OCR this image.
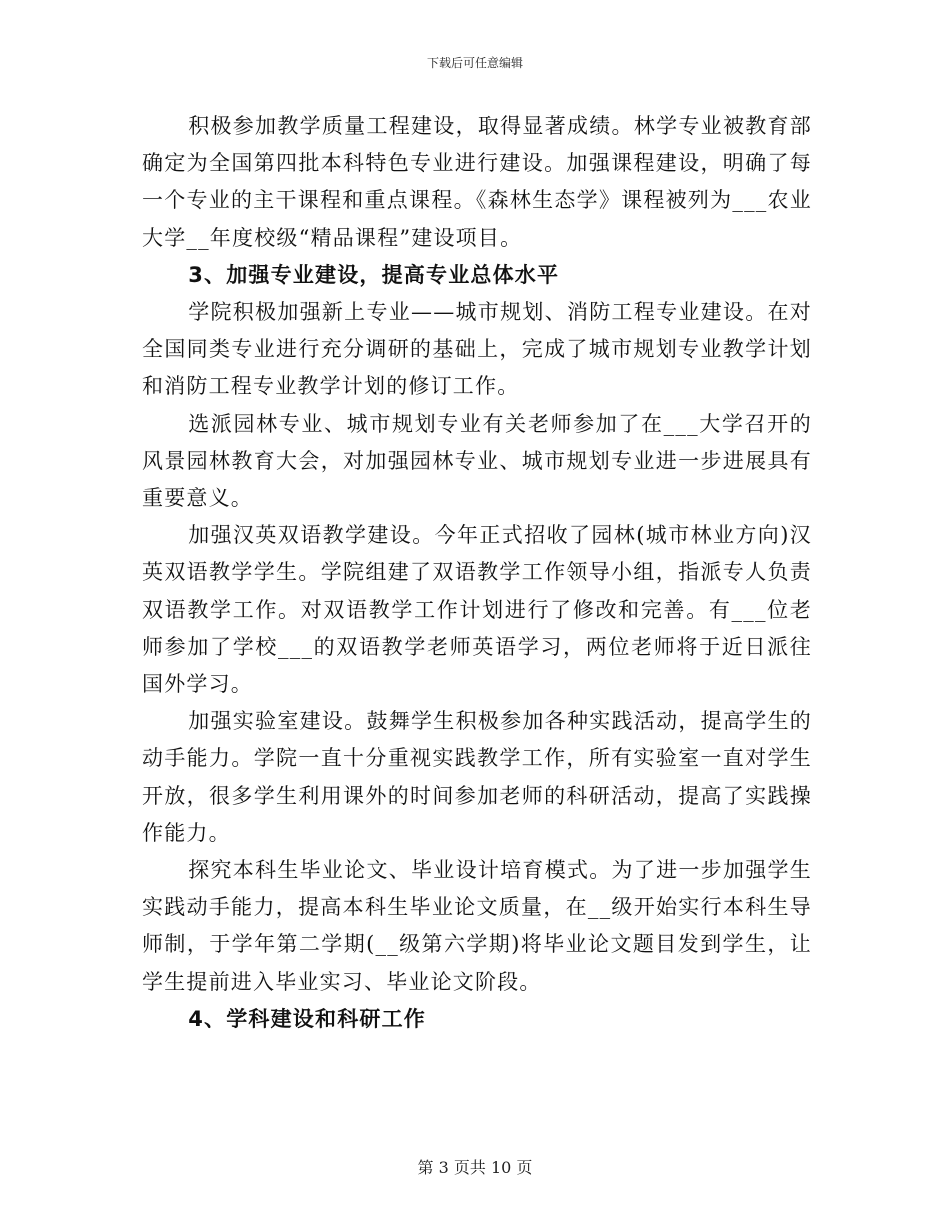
下载后可任意编辑

积极参加教学质量工程建设，取得显著成绩。林学专业被教育部确定为全国第四批本科特色专业进行建设。加强课程建设，明确了每一个专业的主干课程和重点课程。《森林生态学》课程被列为___农业大学__年度校级“精品课程”建设项目。

3、加强专业建设，提高专业总体水平

学院积极加强新上专业——城市规划、消防工程专业建设。在对全国同类专业进行充分调研的基础上，完成了城市规划专业教学计划和消防工程专业教学计划的修订工作。

选派园林专业、城市规划专业有关老师参加了在___大学召开的风景园林教育大会，对加强园林专业、城市规划专业进一步进展具有重要意义。

加强汉英双语教学建设。今年正式招收了园林(城市林业方向)汉英双语教学学生。学院组建了双语教学工作领导小组，指派专人负责双语教学工作。对双语教学工作计划进行了修改和完善。有___位老师参加了学校___的双语教学老师英语学习，两位老师将于近日派往国外学习。

加强实验室建设。鼓舞学生积极参加各种实践活动，提高学生的动手能力。学院一直十分重视实践教学工作，所有实验室一直对学生开放，很多学生利用课外的时间参加老师的科研活动，提高了实践操作能力。

探究本科生毕业论文、毕业设计培育模式。为了进一步加强学生实践动手能力，提高本科生毕业论文质量，在__级开始实行本科生导师制，于学年第二学期(__级第六学期)将毕业论文题目发到学生，让学生提前进入毕业实习、毕业论文阶段。

4、学科建设和科研工作
第 3 页共 10 页
